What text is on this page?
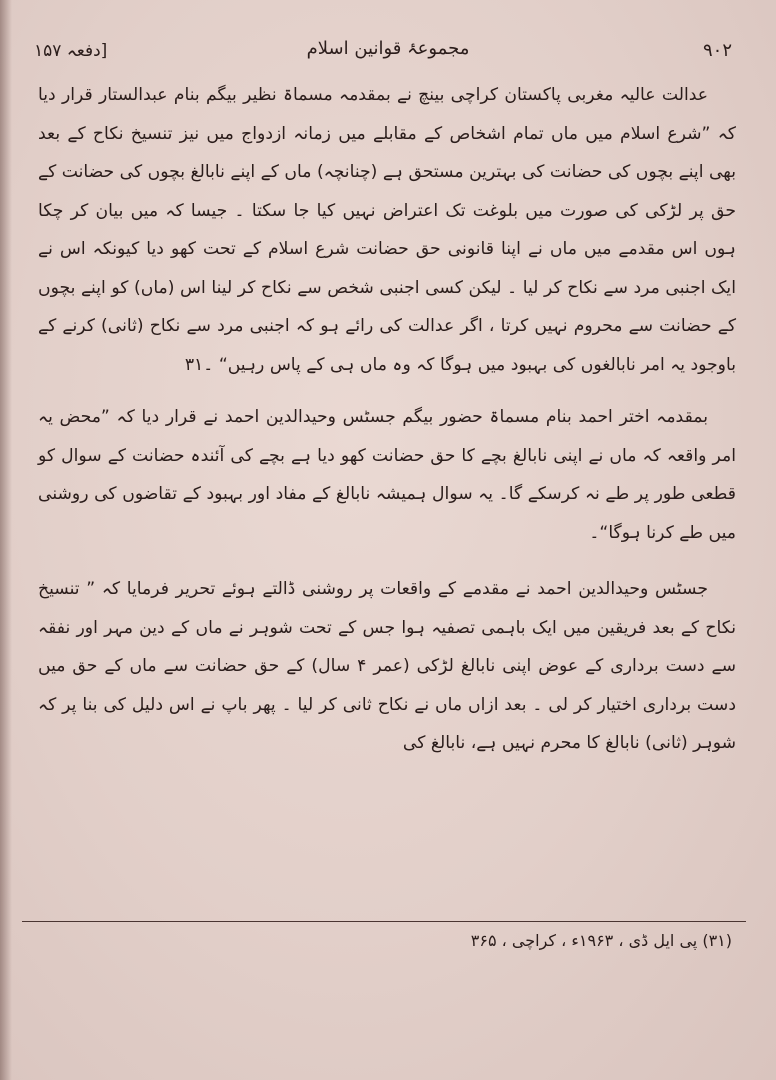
[دفعہ ۱۵۷	مجموعۂ قوانین اسلام	۹۰۲

عدالت عالیہ مغربی پاکستان کراچی بینچ نے بمقدمہ مسماۃ نظیر بیگم بنام عبدالستار قرار دیا کہ ”شرع اسلام میں ماں تمام اشخاص کے مقابلے میں زمانہ ازدواج میں نیز تنسیخ نکاح کے بعد بھی اپنے بچوں کی حضانت کی بہترین مستحق ہے (چنانچہ) ماں کے اپنے نابالغ بچوں کی حضانت کے حق پر لڑکی کی صورت میں بلوغت تک اعتراض نہیں کیا جا سکتا ۔ جیسا کہ میں بیان کر چکا ہوں اس مقدمے میں ماں نے اپنا قانونی حق حضانت شرع اسلام کے تحت کھو دیا کیونکہ اس نے ایک اجنبی مرد سے نکاح کر لیا ۔ لیکن کسی اجنبی شخص سے نکاح کر لینا اس (ماں) کو اپنے بچوں کے حضانت سے محروم نہیں کرتا ، اگر عدالت کی رائے ہو کہ اجنبی مرد سے نکاح (ثانی) کرنے کے باوجود یہ امر نابالغوں کی بہبود میں ہوگا کہ وہ ماں ہی کے پاس رہیں“ ۔۳۱

بمقدمہ اختر احمد بنام مسماۃ حضور بیگم جسٹس وحیدالدین احمد نے قرار دیا کہ ”محض یہ امر واقعہ کہ ماں نے اپنی نابالغ بچے کا حق حضانت کھو دیا ہے بچے کی آئندہ حضانت کے سوال کو قطعی طور پر طے نہ کرسکے گا۔ یہ سوال ہمیشہ نابالغ کے مفاد اور بہبود کے تقاضوں کی روشنی میں طے کرنا ہوگا“۔

جسٹس وحیدالدین احمد نے مقدمے کے واقعات پر روشنی ڈالتے ہوئے تحریر فرمایا کہ ” تنسیخ نکاح کے بعد فریقین میں ایک باہمی تصفیہ ہوا جس کے تحت شوہر نے ماں کے دین مہر اور نفقہ سے دست برداری کے عوض اپنی نابالغ لڑکی (عمر ۴ سال) کے حق حضانت سے ماں کے حق میں دست برداری اختیار کر لی ۔ بعد ازاں ماں نے نکاح ثانی کر لیا ۔ پھر باپ نے اس دلیل کی بنا پر کہ شوہر (ثانی) نابالغ کا محرم نہیں ہے، نابالغ کی

(۳۱) پی ایل ڈی ، ۱۹۶۳ء ، کراچی ، ۳۶۵
